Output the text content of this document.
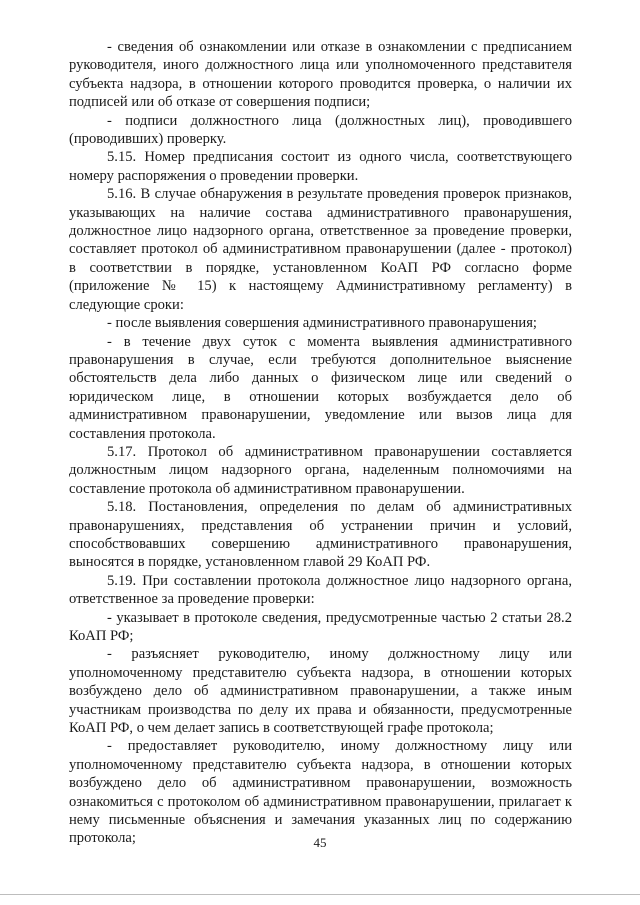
- сведения об ознакомлении или отказе в ознакомлении с предписанием руководителя, иного должностного лица или уполномоченного представителя субъекта надзора, в отношении которого проводится проверка, о наличии их подписей или об отказе от совершения подписи;

- подписи должностного лица (должностных лиц), проводившего (проводивших) проверку.

5.15. Номер предписания состоит из одного числа, соответствующего номеру распоряжения о проведении проверки.

5.16. В случае обнаружения в результате проведения проверок признаков, указывающих на наличие состава административного правонарушения, должностное лицо надзорного органа, ответственное за проведение проверки, составляет протокол об административном правонарушении (далее - протокол) в соответствии в порядке, установленном КоАП РФ согласно форме (приложение № 15) к настоящему Административному регламенту) в следующие сроки:

- после выявления совершения административного правонарушения;

- в течение двух суток с момента выявления административного правонарушения в случае, если требуются дополнительное выяснение обстоятельств дела либо данных о физическом лице или сведений о юридическом лице, в отношении которых возбуждается дело об административном правонарушении, уведомление или вызов лица для составления протокола.

5.17. Протокол об административном правонарушении составляется должностным лицом надзорного органа, наделенным полномочиями на составление протокола об административном правонарушении.

5.18. Постановления, определения по делам об административных правонарушениях, представления об устранении причин и условий, способствовавших совершению административного правонарушения, выносятся в порядке, установленном главой 29 КоАП РФ.

5.19. При составлении протокола должностное лицо надзорного органа, ответственное за проведение проверки:

- указывает в протоколе сведения, предусмотренные частью 2 статьи 28.2 КоАП РФ;

- разъясняет руководителю, иному должностному лицу или уполномоченному представителю субъекта надзора, в отношении которых возбуждено дело об административном правонарушении, а также иным участникам производства по делу их права и обязанности, предусмотренные КоАП РФ, о чем делает запись в соответствующей графе протокола;

- предоставляет руководителю, иному должностному лицу или уполномоченному представителю субъекта надзора, в отношении которых возбуждено дело об административном правонарушении, возможность ознакомиться с протоколом об административном правонарушении, прилагает к нему письменные объяснения и замечания указанных лиц по содержанию протокола;	45
